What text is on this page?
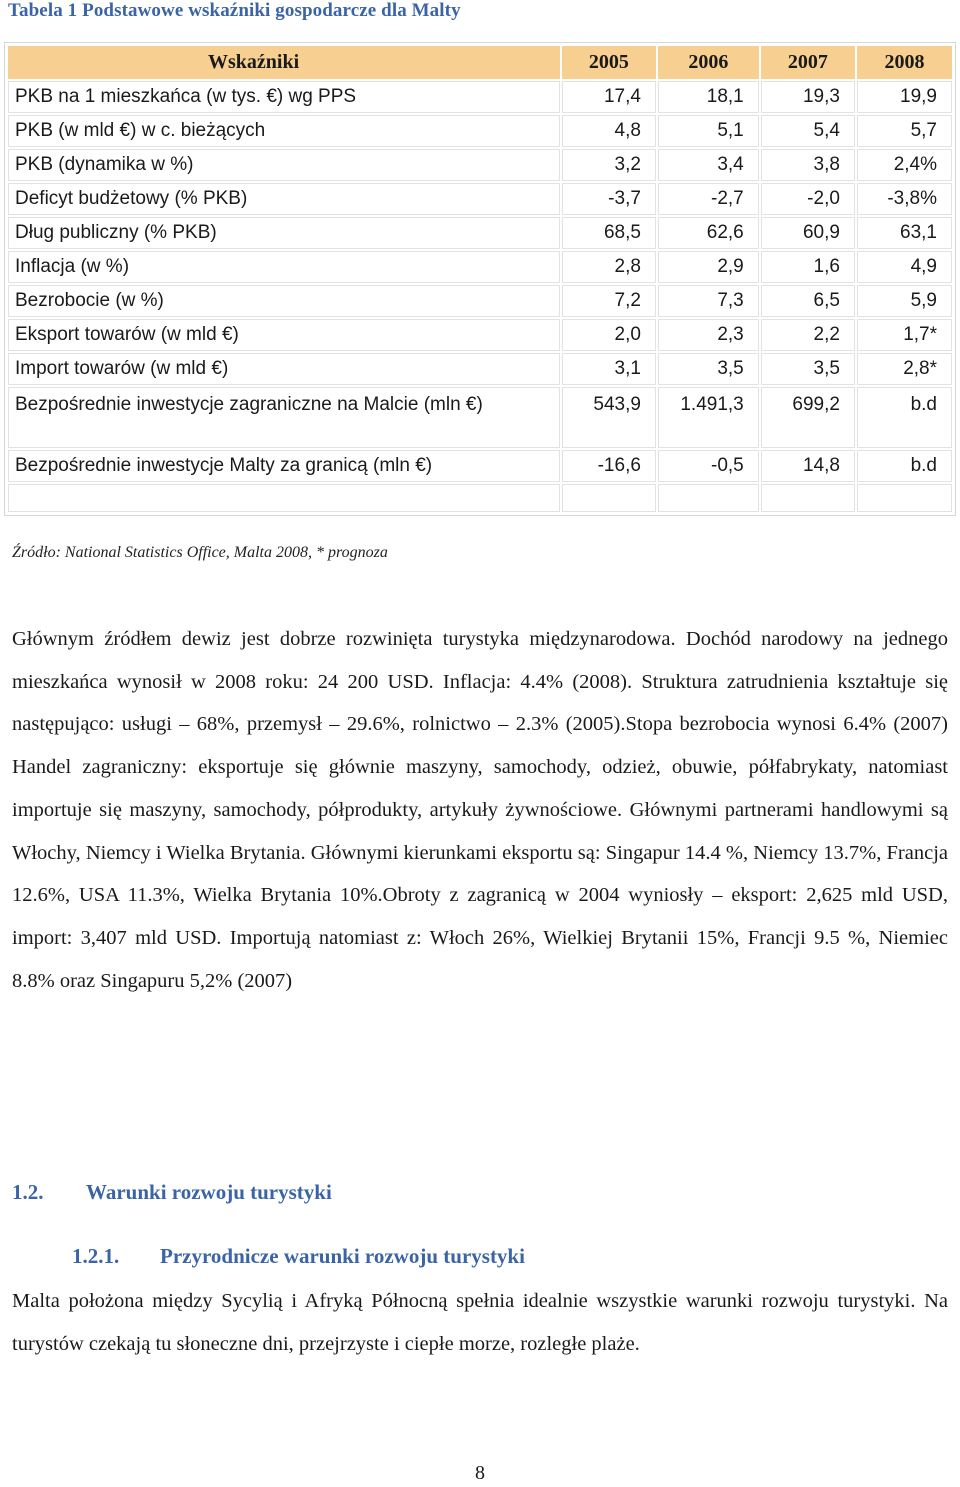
Tabela 1 Podstawowe wskaźniki gospodarcze dla Malty
Wskaźniki	2005	2006	2007	2008
PKB na 1 mieszkańca (w tys. €) wg PPS	17,4	18,1	19,3	19,9
PKB (w mld €) w c. bieżących	4,8	5,1	5,4	5,7
PKB (dynamika w %)	3,2	3,4	3,8	2,4%
Deficyt budżetowy (% PKB)	-3,7	-2,7	-2,0	-3,8%
Dług publiczny (% PKB)	68,5	62,6	60,9	63,1
Inflacja (w %)	2,8	2,9	1,6	4,9
Bezrobocie (w %)	7,2	7,3	6,5	5,9
Eksport towarów (w mld €)	2,0	2,3	2,2	1,7*
Import towarów (w mld €)	3,1	3,5	3,5	2,8*
Bezpośrednie inwestycje zagraniczne na Malcie (mln €)	543,9	1.491,3	699,2	b.d
Bezpośrednie inwestycje Malty za granicą (mln €)	-16,6	-0,5	14,8	b.d

Źródło: National Statistics Office, Malta 2008, * prognoza
Głównym źródłem dewiz jest dobrze rozwinięta turystyka międzynarodowa. Dochód narodowy na jednego mieszkańca wynosił w 2008 roku: 24 200 USD. Inflacja: 4.4% (2008). Struktura zatrudnienia kształtuje się następująco: usługi – 68%, przemysł – 29.6%, rolnictwo – 2.3% (2005).Stopa bezrobocia wynosi 6.4% (2007) Handel zagraniczny: eksportuje się głównie maszyny, samochody, odzież, obuwie, półfabrykaty, natomiast importuje się maszyny, samochody, półprodukty, artykuły żywnościowe. Głównymi partnerami handlowymi są Włochy, Niemcy i Wielka Brytania. Głównymi kierunkami eksportu są: Singapur 14.4 %, Niemcy 13.7%, Francja 12.6%, USA 11.3%, Wielka Brytania 10%.Obroty z zagranicą w 2004 wyniosły – eksport: 2,625 mld USD, import: 3,407 mld USD. Importują natomiast z: Włoch 26%, Wielkiej Brytanii 15%, Francji 9.5 %, Niemiec 8.8% oraz Singapuru 5,2% (2007)
1.2. Warunki rozwoju turystyki
1.2.1. Przyrodnicze warunki rozwoju turystyki
Malta położona między Sycylią i Afryką Północną spełnia idealnie wszystkie warunki rozwoju turystyki. Na turystów czekają tu słoneczne dni, przejrzyste i ciepłe morze, rozległe plaże.
8
